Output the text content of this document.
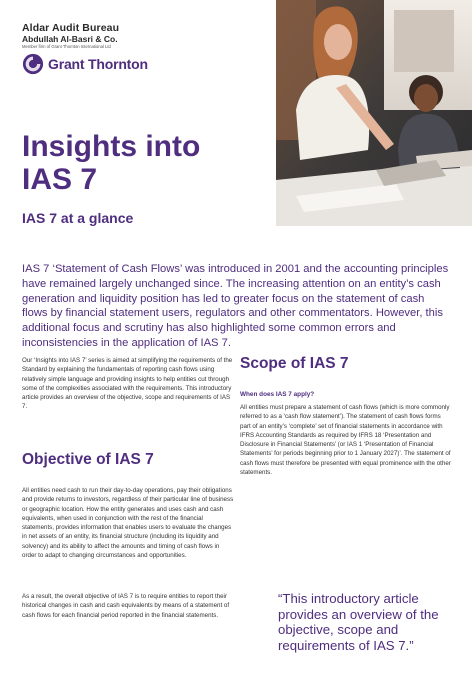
Aldar Audit Bureau
Abdullah Al-Basri & Co.
Member firm of Grant Thornton International Ltd
Grant Thornton
Insights into
IAS 7
IAS 7 at a glance

IAS 7 ‘Statement of Cash Flows’ was introduced in 2001 and the accounting principles have remained largely unchanged since. The increasing attention on an entity’s cash generation and liquidity position has led to greater focus on the statement of cash flows by financial statement users, regulators and other commentators. However, this additional focus and scrutiny has also highlighted some common errors and inconsistencies in the application of IAS 7.

Our ‘Insights into IAS 7’ series is aimed at simplifying the requirements of the Standard by explaining the fundamentals of reporting cash flows using relatively simple language and providing insights to help entities cut through some of the complexities associated with the requirements. This introductory article provides an overview of the objective, scope and requirements of IAS 7.

Objective of IAS 7

All entities need cash to run their day-to-day operations, pay their obligations and provide returns to investors, regardless of their particular line of business or geographic location. How the entity generates and uses cash and cash equivalents, when used in conjunction with the rest of the financial statements, provides information that enables users to evaluate the changes in net assets of an entity, its financial structure (including its liquidity and solvency) and its ability to affect the amounts and timing of cash flows in order to adapt to changing circumstances and opportunities.

As a result, the overall objective of IAS 7 is to require entities to report their historical changes in cash and cash equivalents by means of a statement of cash flows for each financial period reported in the financial statements.

Scope of IAS 7
When does IAS 7 apply?

All entities must prepare a statement of cash flows (which is more commonly referred to as a ‘cash flow statement’). The statement of cash flows forms part of an entity’s ‘complete’ set of financial statements in accordance with IFRS Accounting Standards as required by IFRS 18 ‘Presentation and Disclosure in Financial Statements’ (or IAS 1 ‘Presentation of Financial Statements’ for periods beginning prior to 1 January 2027)’. The statement of cash flows must therefore be presented with equal prominence with the other statements.

“This introductory article provides an overview of the objective, scope and requirements of IAS 7.”
